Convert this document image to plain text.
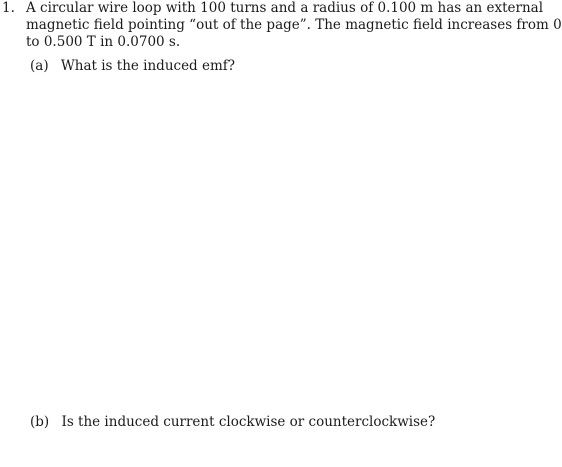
1. A circular wire loop with 100 turns and a radius of 0.100 m has an external
magnetic field pointing “out of the page”. The magnetic field increases from 0
to 0.500 T in 0.0700 s.
(a) What is the induced emf?
(b) Is the induced current clockwise or counterclockwise?
